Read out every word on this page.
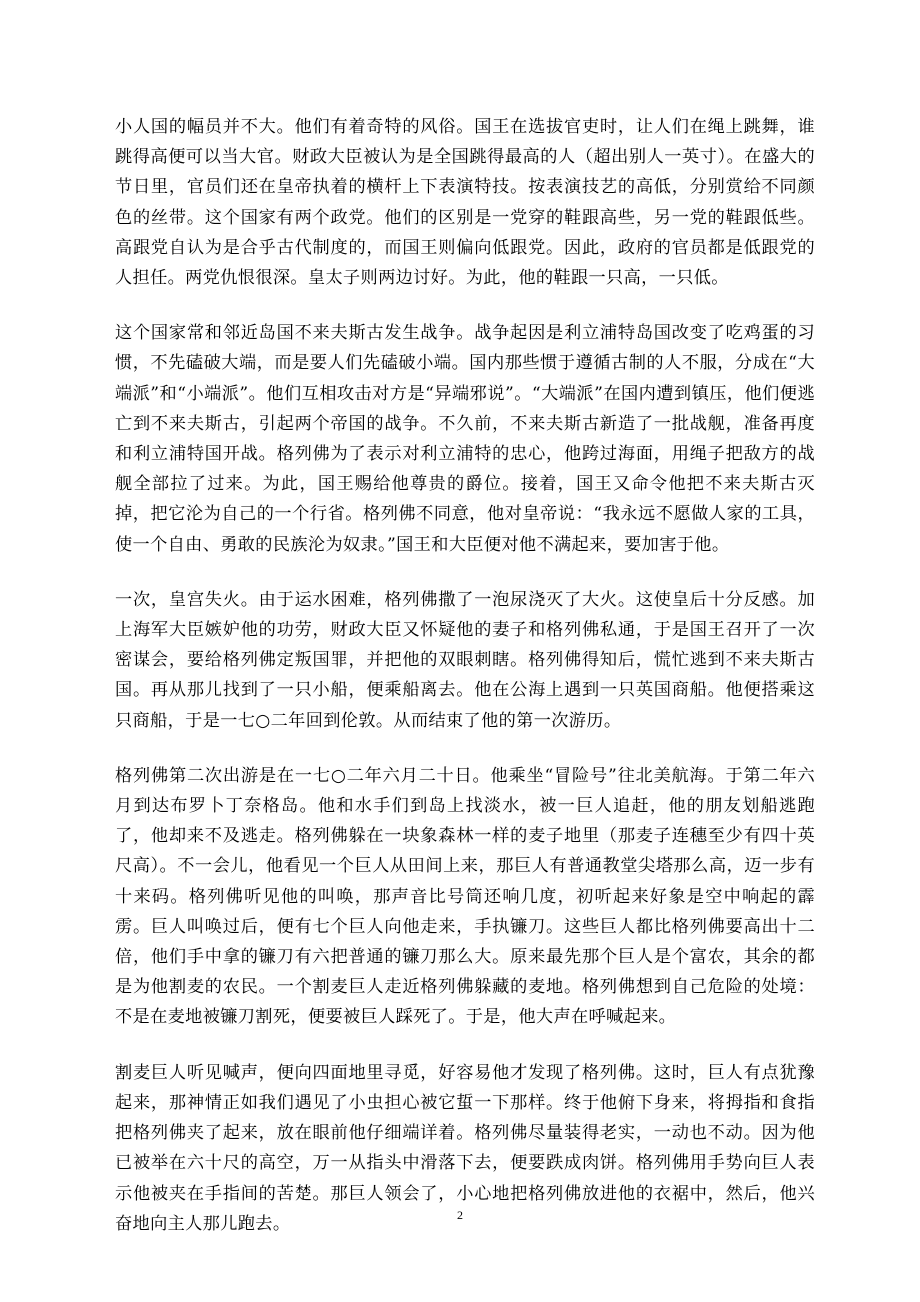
小人国的幅员并不大。他们有着奇特的风俗。国王在选拔官吏时，让人们在绳上跳舞，谁跳得高便可以当大官。财政大臣被认为是全国跳得最高的人（超出别人一英寸）。在盛大的节日里，官员们还在皇帝执着的横杆上下表演特技。按表演技艺的高低，分别赏给不同颜色的丝带。这个国家有两个政党。他们的区别是一党穿的鞋跟高些，另一党的鞋跟低些。高跟党自认为是合乎古代制度的，而国王则偏向低跟党。因此，政府的官员都是低跟党的人担任。两党仇恨很深。皇太子则两边讨好。为此，他的鞋跟一只高，一只低。

这个国家常和邻近岛国不来夫斯古发生战争。战争起因是利立浦特岛国改变了吃鸡蛋的习惯，不先磕破大端，而是要人们先磕破小端。国内那些惯于遵循古制的人不服，分成在“大端派”和“小端派”。他们互相攻击对方是“异端邪说”。“大端派”在国内遭到镇压，他们便逃亡到不来夫斯古，引起两个帝国的战争。不久前，不来夫斯古新造了一批战舰，准备再度和利立浦特国开战。格列佛为了表示对利立浦特的忠心，他跨过海面，用绳子把敌方的战舰全部拉了过来。为此，国王赐给他尊贵的爵位。接着，国王又命令他把不来夫斯古灭掉，把它沦为自己的一个行省。格列佛不同意，他对皇帝说：“我永远不愿做人家的工具，使一个自由、勇敢的民族沦为奴隶。”国王和大臣便对他不满起来，要加害于他。

一次，皇宫失火。由于运水困难，格列佛撒了一泡尿浇灭了大火。这使皇后十分反感。加上海军大臣嫉妒他的功劳，财政大臣又怀疑他的妻子和格列佛私通，于是国王召开了一次密谋会，要给格列佛定叛国罪，并把他的双眼刺瞎。格列佛得知后，慌忙逃到不来夫斯古国。再从那儿找到了一只小船，便乘船离去。他在公海上遇到一只英国商船。他便搭乘这只商船，于是一七○二年回到伦敦。从而结束了他的第一次游历。

格列佛第二次出游是在一七○二年六月二十日。他乘坐“冒险号”往北美航海。于第二年六月到达布罗卜丁奈格岛。他和水手们到岛上找淡水，被一巨人追赶，他的朋友划船逃跑了，他却来不及逃走。格列佛躲在一块象森林一样的麦子地里（那麦子连穗至少有四十英尺高）。不一会儿，他看见一个巨人从田间上来，那巨人有普通教堂尖塔那么高，迈一步有十来码。格列佛听见他的叫唤，那声音比号筒还响几度，初听起来好象是空中响起的霹雳。巨人叫唤过后，便有七个巨人向他走来，手执镰刀。这些巨人都比格列佛要高出十二倍，他们手中拿的镰刀有六把普通的镰刀那么大。原来最先那个巨人是个富农，其余的都是为他割麦的农民。一个割麦巨人走近格列佛躲藏的麦地。格列佛想到自己危险的处境：不是在麦地被镰刀割死，便要被巨人踩死了。于是，他大声在呼喊起来。

割麦巨人听见喊声，便向四面地里寻觅，好容易他才发现了格列佛。这时，巨人有点犹豫起来，那神情正如我们遇见了小虫担心被它蜇一下那样。终于他俯下身来，将拇指和食指把格列佛夹了起来，放在眼前他仔细端详着。格列佛尽量装得老实，一动也不动。因为他已被举在六十尺的高空，万一从指头中滑落下去，便要跌成肉饼。格列佛用手势向巨人表示他被夹在手指间的苦楚。那巨人领会了，小心地把格列佛放进他的衣裾中，然后，他兴奋地向主人那儿跑去。	2
